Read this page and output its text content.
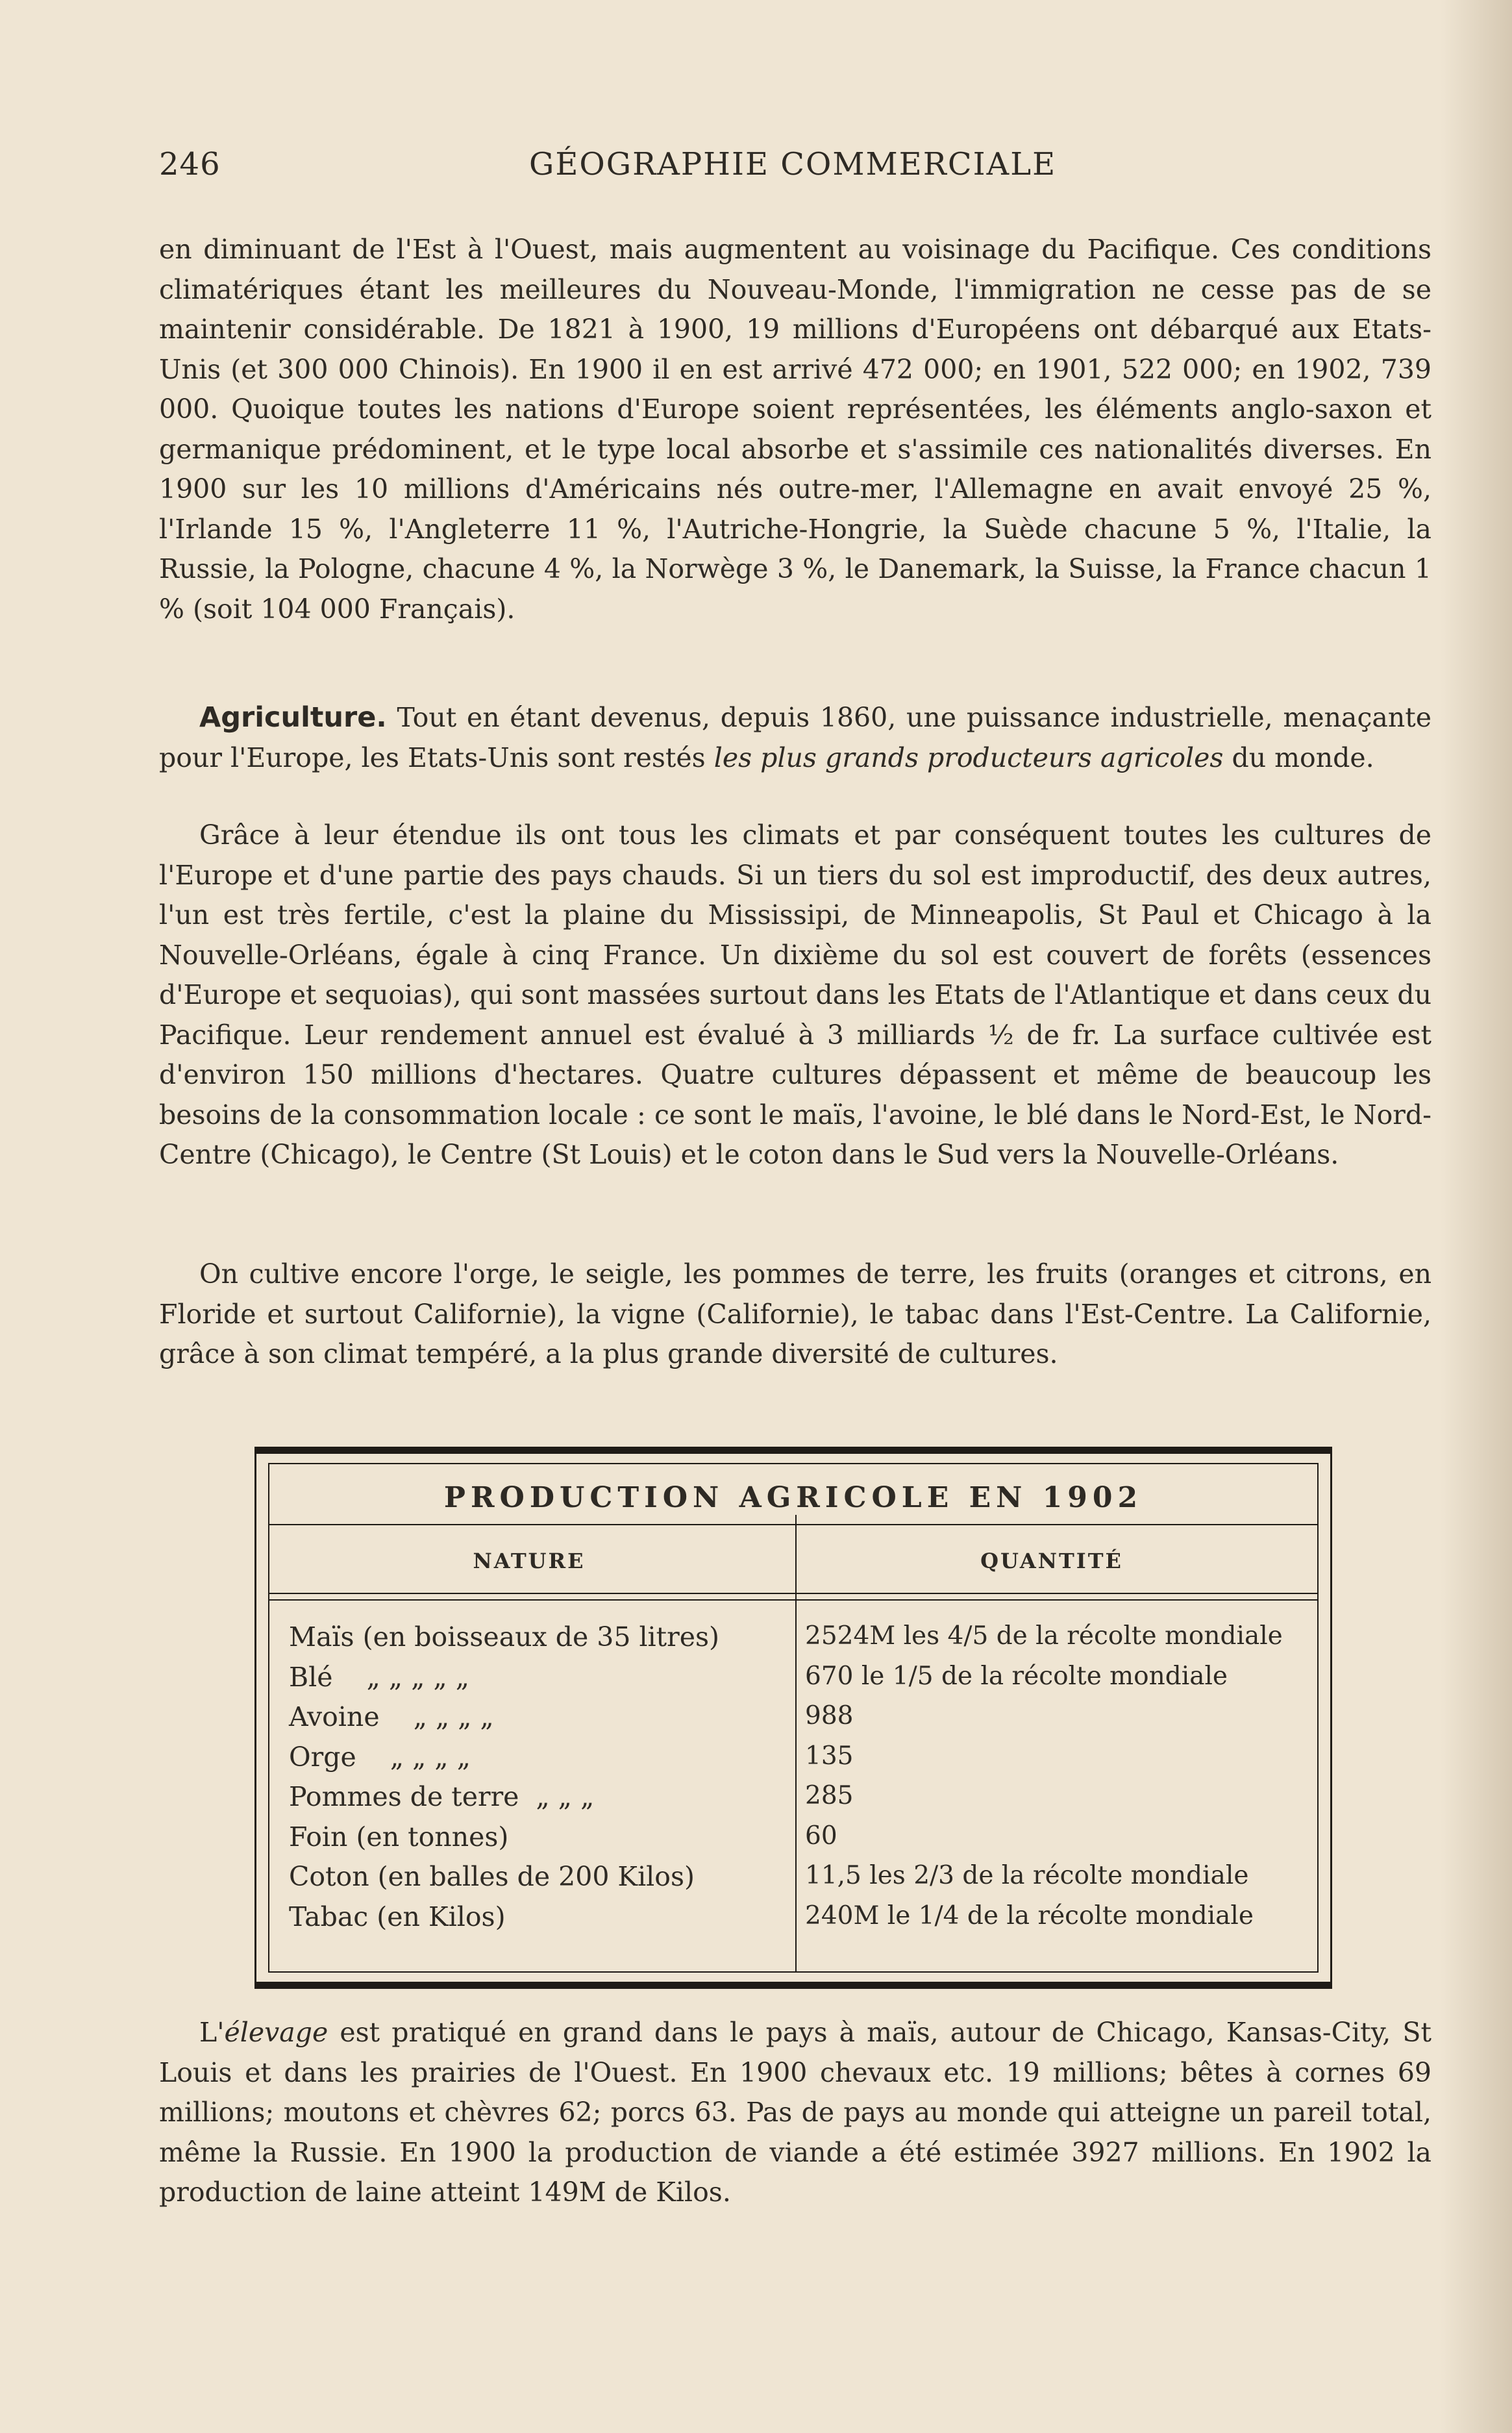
246	GÉOGRAPHIE COMMERCIALE

en diminuant de l'Est à l'Ouest, mais augmentent au voisinage du Pacifique. Ces conditions climatériques étant les meilleures du Nouveau-Monde, l'immigration ne cesse pas de se maintenir considérable. De 1821 à 1900, 19 millions d'Européens ont débarqué aux Etats-Unis (et 300 000 Chinois). En 1900 il en est arrivé 472 000; en 1901, 522 000; en 1902, 739 000. Quoique toutes les nations d'Europe soient représentées, les éléments anglo-saxon et germanique prédominent, et le type local absorbe et s'assimile ces nationalités diverses. En 1900 sur les 10 millions d'Américains nés outre-mer, l'Allemagne en avait envoyé 25 %, l'Irlande 15 %, l'Angleterre 11 %, l'Autriche-Hongrie, la Suède chacune 5 %, l'Italie, la Russie, la Pologne, chacune 4 %, la Norwège 3 %, le Danemark, la Suisse, la France chacun 1 % (soit 104 000 Français).

Agriculture. Tout en étant devenus, depuis 1860, une puissance industrielle, menaçante pour l'Europe, les Etats-Unis sont restés les plus grands producteurs agricoles du monde.

Grâce à leur étendue ils ont tous les climats et par conséquent toutes les cultures de l'Europe et d'une partie des pays chauds. Si un tiers du sol est improductif, des deux autres, l'un est très fertile, c'est la plaine du Mississipi, de Minneapolis, St Paul et Chicago à la Nouvelle-Orléans, égale à cinq France. Un dixième du sol est couvert de forêts (essences d'Europe et sequoias), qui sont massées surtout dans les Etats de l'Atlantique et dans ceux du Pacifique. Leur rendement annuel est évalué à 3 milliards ½ de fr. La surface cultivée est d'environ 150 millions d'hectares. Quatre cultures dépassent et même de beaucoup les besoins de la consommation locale : ce sont le maïs, l'avoine, le blé dans le Nord-Est, le Nord-Centre (Chicago), le Centre (St Louis) et le coton dans le Sud vers la Nouvelle-Orléans.

On cultive encore l'orge, le seigle, les pommes de terre, les fruits (oranges et citrons, en Floride et surtout Californie), la vigne (Californie), le tabac dans l'Est-Centre. La Californie, grâce à son climat tempéré, a la plus grande diversité de cultures.

PRODUCTION AGRICOLE EN 1902
NATURE	QUANTITÉ
Maïs (en boisseaux de 35 litres)	2524M les 4/5 de la récolte mondiale
Blé „ „ „ „ „	670 le 1/5 de la récolte mondiale
Avoine „ „ „ „	988
Orge „ „ „ „	135
Pommes de terre „ „ „	285
Foin (en tonnes)	60
Coton (en balles de 200 Kilos)	11,5 les 2/3 de la récolte mondiale
Tabac (en Kilos)	240M le 1/4 de la récolte mondiale

L'élevage est pratiqué en grand dans le pays à maïs, autour de Chicago, Kansas-City, St Louis et dans les prairies de l'Ouest. En 1900 chevaux etc. 19 millions; bêtes à cornes 69 millions; moutons et chèvres 62; porcs 63. Pas de pays au monde qui atteigne un pareil total, même la Russie. En 1900 la production de viande a été estimée 3927 millions. En 1902 la production de laine atteint 149M de Kilos.
